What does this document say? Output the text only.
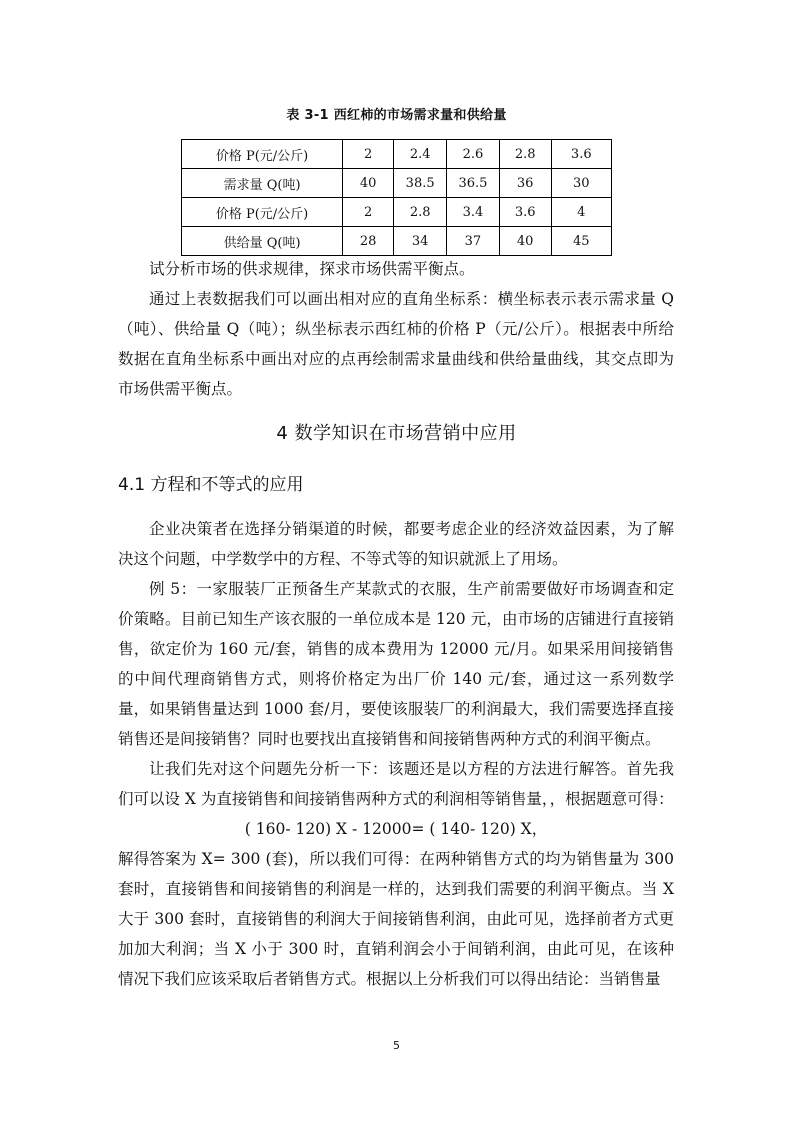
表 3-1 西红柿的市场需求量和供给量
价格 P(元/公斤)	2	2.4	2.6	2.8	3.6
需求量 Q(吨)	40	38.5	36.5	36	30
价格 P(元/公斤)	2	2.8	3.4	3.6	4
供给量 Q(吨)	28	34	37	40	45

试分析市场的供求规律，探求市场供需平衡点。

通过上表数据我们可以画出相对应的直角坐标系：横坐标表示表示需求量 Q（吨）、供给量 Q（吨）；纵坐标表示西红柿的价格 P（元/公斤）。根据表中所给数据在直角坐标系中画出对应的点再绘制需求量曲线和供给量曲线，其交点即为市场供需平衡点。

4 数学知识在市场营销中应用
4.1 方程和不等式的应用

企业决策者在选择分销渠道的时候，都要考虑企业的经济效益因素，为了解决这个问题，中学数学中的方程、不等式等的知识就派上了用场。

例 5：一家服装厂正预备生产某款式的衣服，生产前需要做好市场调查和定价策略。目前已知生产该衣服的一单位成本是 120 元，由市场的店铺进行直接销售，欲定价为 160 元/套，销售的成本费用为 12000 元/月。如果采用间接销售的中间代理商销售方式，则将价格定为出厂价 140 元/套，通过这一系列数学量，如果销售量达到 1000 套/月，要使该服装厂的利润最大，我们需要选择直接销售还是间接销售？同时也要找出直接销售和间接销售两种方式的利润平衡点。

让我们先对这个问题先分析一下：该题还是以方程的方法进行解答。首先我们可以设 X 为直接销售和间接销售两种方式的利润相等销售量，，根据题意可得：

( 160- 120) X - 12000= ( 140- 120) X，

解得答案为 X= 300 (套)，所以我们可得：在两种销售方式的均为销售量为 300 套时，直接销售和间接销售的利润是一样的，达到我们需要的利润平衡点。当 X 大于 300 套时，直接销售的利润大于间接销售利润，由此可见，选择前者方式更加加大利润；当 X 小于 300 时，直销利润会小于间销利润，由此可见，在该种情况下我们应该采取后者销售方式。根据以上分析我们可以得出结论：当销售量

5
